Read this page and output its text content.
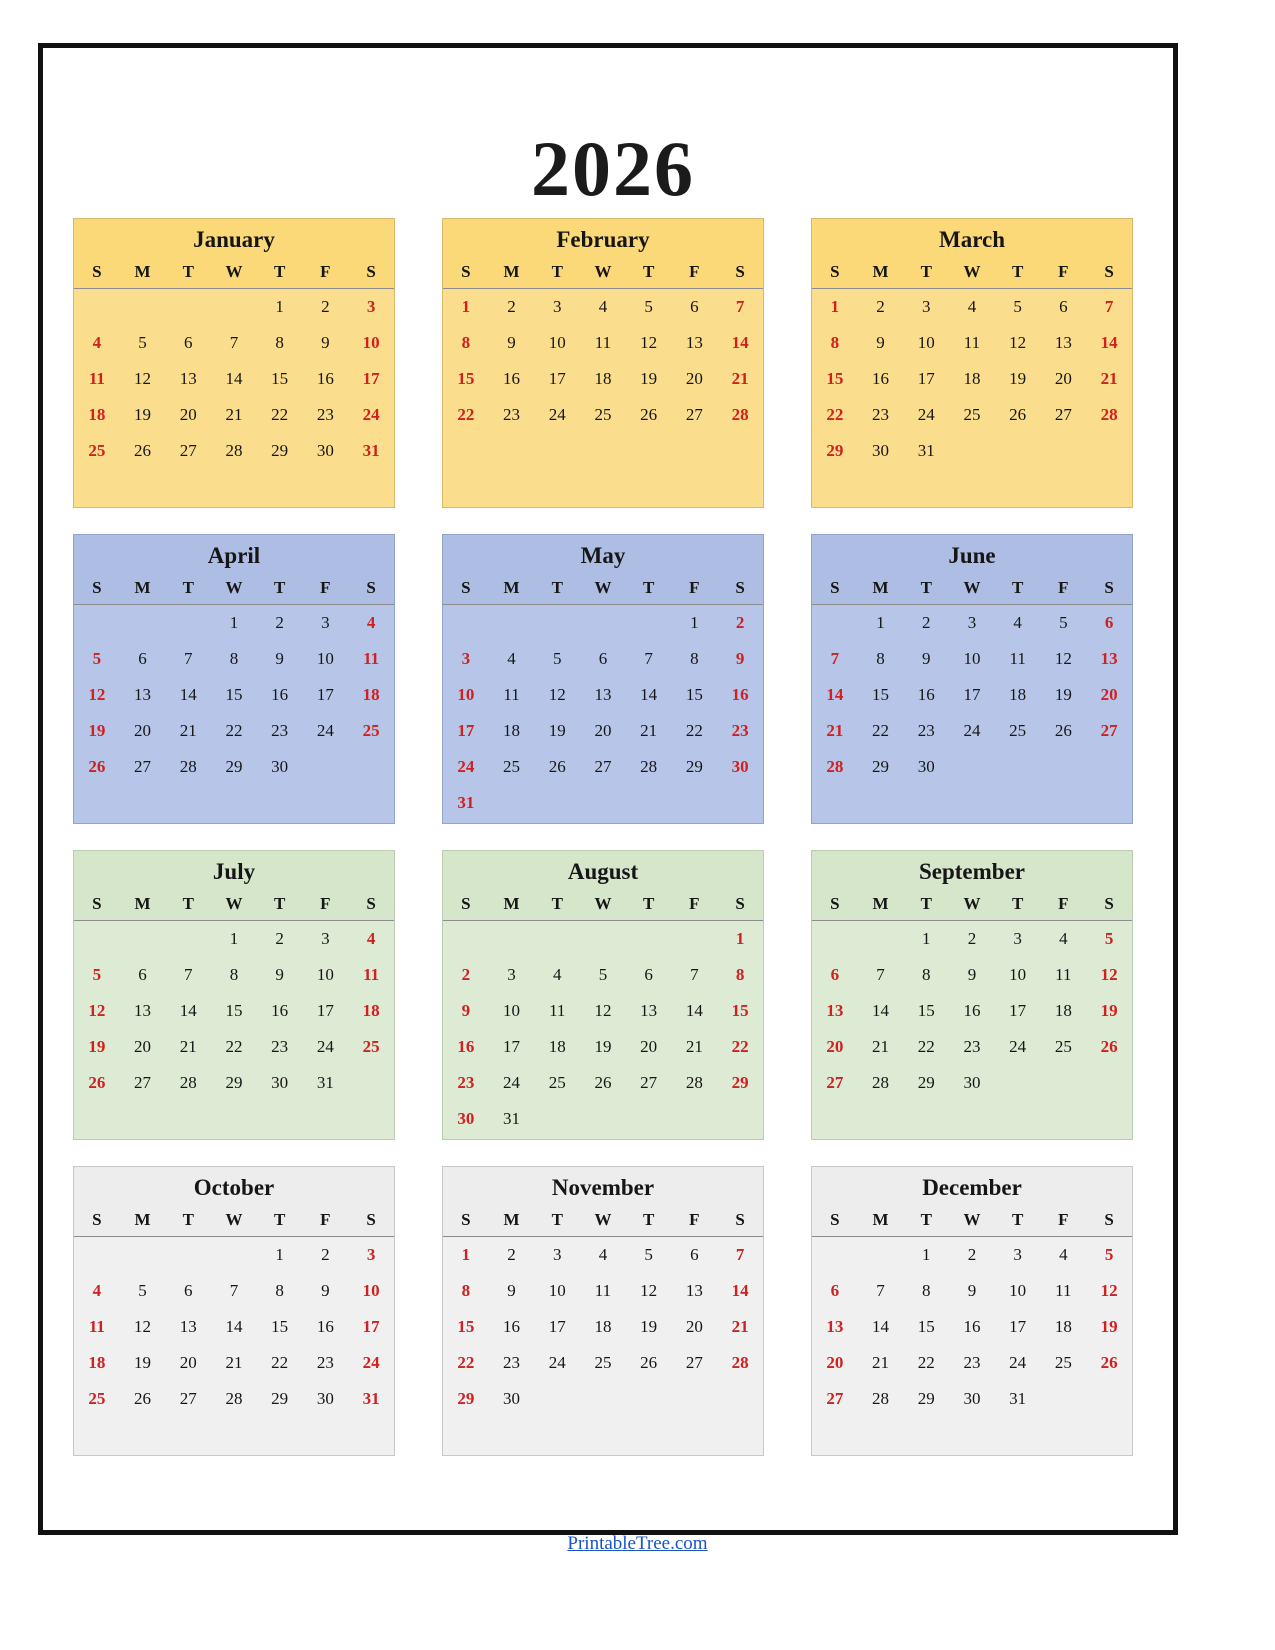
2026
January
S	M	T	W	T	F	S
				1	2	3
4	5	6	7	8	9	10
11	12	13	14	15	16	17
18	19	20	21	22	23	24
25	26	27	28	29	30	31
February
S	M	T	W	T	F	S
1	2	3	4	5	6	7
8	9	10	11	12	13	14
15	16	17	18	19	20	21
22	23	24	25	26	27	28
March
S	M	T	W	T	F	S
1	2	3	4	5	6	7
8	9	10	11	12	13	14
15	16	17	18	19	20	21
22	23	24	25	26	27	28
29	30	31				
April
S	M	T	W	T	F	S
			1	2	3	4
5	6	7	8	9	10	11
12	13	14	15	16	17	18
19	20	21	22	23	24	25
26	27	28	29	30		
May
S	M	T	W	T	F	S
					1	2
3	4	5	6	7	8	9
10	11	12	13	14	15	16
17	18	19	20	21	22	23
24	25	26	27	28	29	30
31						
June
S	M	T	W	T	F	S
	1	2	3	4	5	6
7	8	9	10	11	12	13
14	15	16	17	18	19	20
21	22	23	24	25	26	27
28	29	30				
July
S	M	T	W	T	F	S
			1	2	3	4
5	6	7	8	9	10	11
12	13	14	15	16	17	18
19	20	21	22	23	24	25
26	27	28	29	30	31	
August
S	M	T	W	T	F	S
						1
2	3	4	5	6	7	8
9	10	11	12	13	14	15
16	17	18	19	20	21	22
23	24	25	26	27	28	29
30	31					
September
S	M	T	W	T	F	S
		1	2	3	4	5
6	7	8	9	10	11	12
13	14	15	16	17	18	19
20	21	22	23	24	25	26
27	28	29	30			
October
S	M	T	W	T	F	S
				1	2	3
4	5	6	7	8	9	10
11	12	13	14	15	16	17
18	19	20	21	22	23	24
25	26	27	28	29	30	31
November
S	M	T	W	T	F	S
1	2	3	4	5	6	7
8	9	10	11	12	13	14
15	16	17	18	19	20	21
22	23	24	25	26	27	28
29	30					
December
S	M	T	W	T	F	S
		1	2	3	4	5
6	7	8	9	10	11	12
13	14	15	16	17	18	19
20	21	22	23	24	25	26
27	28	29	30	31		
PrintableTree.com
